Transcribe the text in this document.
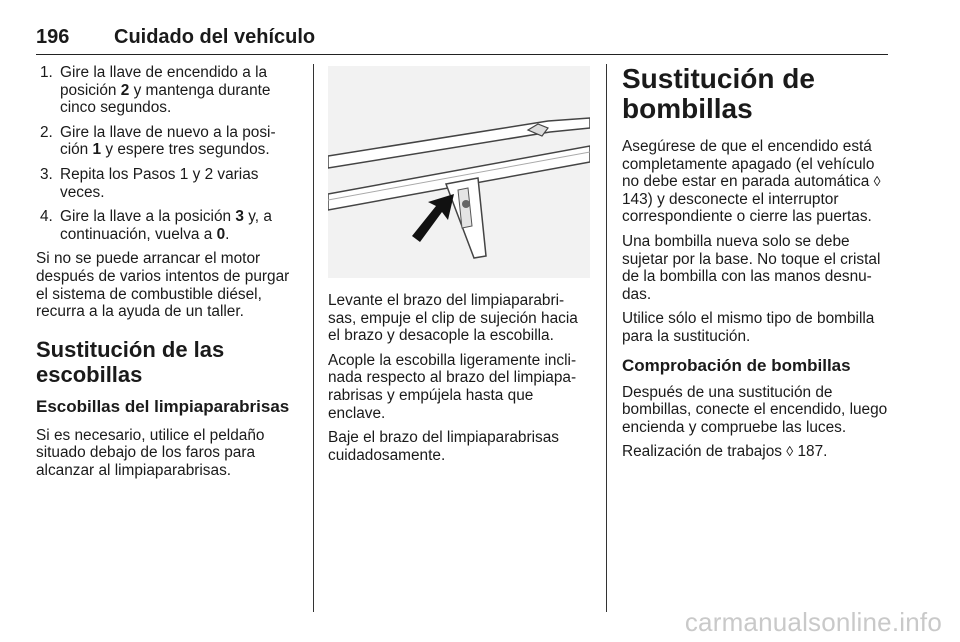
196 Cuidado del vehículo
1. Gire la llave de encendido a la posición 2 y mantenga durante cinco segundos.
2. Gire la llave de nuevo a la posi‐ción 1 y espere tres segundos.
3. Repita los Pasos 1 y 2 varias veces.
4. Gire la llave a la posición 3 y, a continuación, vuelva a 0.

Si no se puede arrancar el motor después de varios intentos de purgar el sistema de combustible diésel, recurra a la ayuda de un taller.

Sustitución de las escobillas
Escobillas del limpiaparabrisas

Si es necesario, utilice el peldaño situado debajo de los faros para alcanzar al limpiaparabrisas.

Levante el brazo del limpiaparabri‐sas, empuje el clip de sujeción hacia el brazo y desacople la escobilla.

Acople la escobilla ligeramente incli‐nada respecto al brazo del limpiapa‐rabrisas y empújela hasta que enclave.

Baje el brazo del limpiaparabrisas cuidadosamente.

Sustitución de
bombillas

Asegúrese de que el encendido está completamente apagado (el vehículo no debe estar en parada automática ◊ 143) y desconecte el interruptor correspondiente o cierre las puertas.

Una bombilla nueva solo se debe sujetar por la base. No toque el cristal de la bombilla con las manos desnu‐das.

Utilice sólo el mismo tipo de bombilla para la sustitución.

Comprobación de bombillas

Después de una sustitución de bombillas, conecte el encendido, luego encienda y compruebe las luces.

Realización de trabajos ◊ 187.

carmanualsonline.info
